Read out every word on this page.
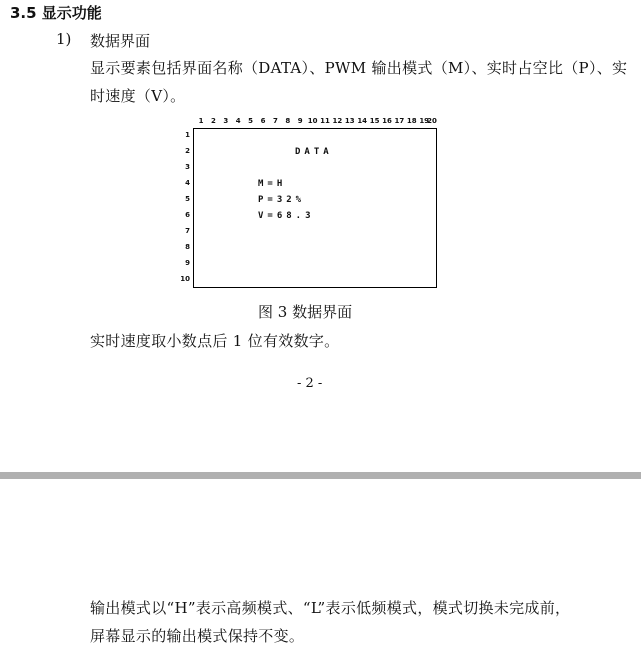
3.5 显示功能
1) 数据界面
显示要素包括界面名称（DATA）、PWM 输出模式（M）、实时占空比（P）、实
时速度（V）。
1 2 3 4 5 6 7 8 9 10 11 12 13 14 15 16 17 18 19
20
1
2
3
4
5
6
7
8
9
10
DATA
M=H
P=32%
V=68.3
图 3 数据界面
实时速度取小数点后 1 位有效数字。
- 2 -
输出模式以“H”表示高频模式、“L”表示低频模式，模式切换未完成前，
屏幕显示的输出模式保持不变。
